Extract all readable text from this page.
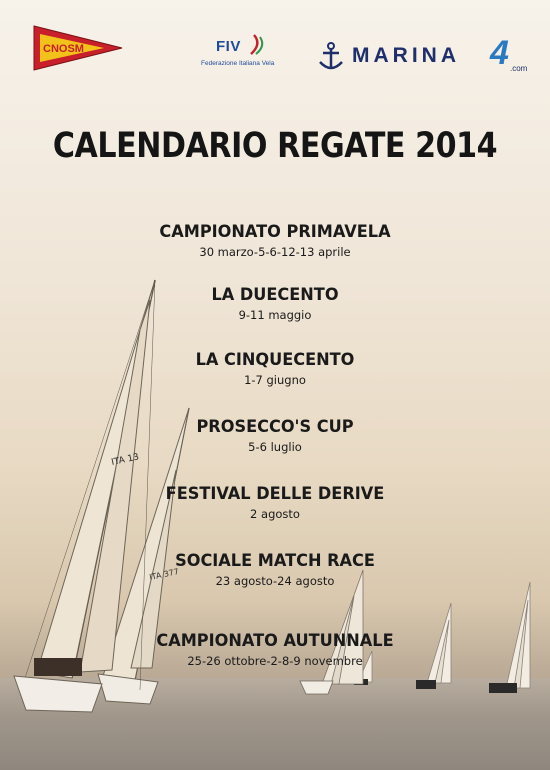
ITA 377
ITA 13
CNOSM	FIV
Federazione Italiana Vela	MARINA 4 .com
CALENDARIO REGATE 2014
CAMPIONATO PRIMAVELA
30 marzo-5-6-12-13 aprile
LA DUECENTO
9-11 maggio
LA CINQUECENTO
1-7 giugno
PROSECCO'S CUP
5-6 luglio
FESTIVAL DELLE DERIVE
2 agosto
SOCIALE MATCH RACE
23 agosto-24 agosto
CAMPIONATO AUTUNNALE
25-26 ottobre-2-8-9 novembre
